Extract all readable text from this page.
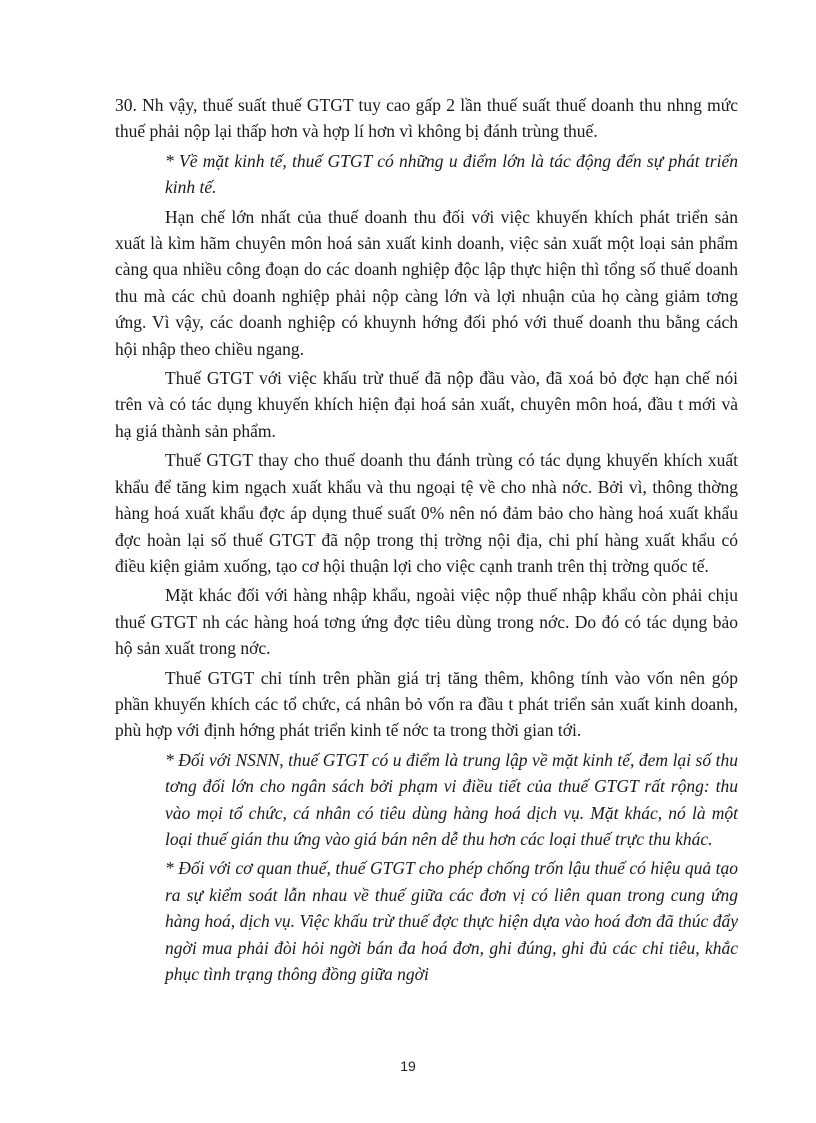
30. Nh vậy, thuế suất thuế GTGT tuy cao gấp 2 lần thuế suất thuế doanh thu nhng mức thuế phải nộp lại thấp hơn và hợp lí hơn vì không bị đánh trùng thuế.

* Về mặt kinh tế, thuế GTGT có những u điểm lớn là tác động đến sự phát triển kinh tế.

Hạn chế lớn nhất của thuế doanh thu đối với việc khuyến khích phát triển sản xuất là kìm hãm chuyên môn hoá sản xuất kinh doanh, việc sản xuất một loại sản phẩm càng qua nhiều công đoạn do các doanh nghiệp độc lập thực hiện thì tổng số thuế doanh thu mà các chủ doanh nghiệp phải nộp càng lớn và lợi nhuận của họ càng giảm tơng ứng. Vì vậy, các doanh nghiệp có khuynh hớng đối phó với thuế doanh thu bằng cách hội nhập theo chiều ngang.

Thuế GTGT với việc khấu trừ thuế đã nộp đầu vào, đã xoá bỏ đợc hạn chế nói trên và có tác dụng khuyến khích hiện đại hoá sản xuất, chuyên môn hoá, đầu t mới và hạ giá thành sản phẩm.

Thuế GTGT thay cho thuế doanh thu đánh trùng có tác dụng khuyến khích xuất khẩu để tăng kim ngạch xuất khẩu và thu ngoại tệ về cho nhà nớc. Bởi vì, thông thờng hàng hoá xuất khẩu đợc áp dụng thuế suất 0% nên nó đảm bảo cho hàng hoá xuất khẩu đợc hoàn lại số thuế GTGT đã nộp trong thị trờng nội địa, chi phí hàng xuất khẩu có điều kiện giảm xuống, tạo cơ hội thuận lợi cho việc cạnh tranh trên thị trờng quốc tế.

Mặt khác đối với hàng nhập khẩu, ngoài việc nộp thuế nhập khẩu còn phải chịu thuế GTGT nh các hàng hoá tơng ứng đợc tiêu dùng trong nớc. Do đó có tác dụng bảo hộ sản xuất trong nớc.

Thuế GTGT chỉ tính trên phần giá trị tăng thêm, không tính vào vốn nên góp phần khuyến khích các tổ chức, cá nhân bỏ vốn ra đầu t phát triển sản xuất kinh doanh, phù hợp với định hớng phát triển kinh tế nớc ta trong thời gian tới.

* Đối với NSNN, thuế GTGT có u điểm là trung lập về mặt kinh tế, đem lại số thu tơng đối lớn cho ngân sách bởi phạm vi điều tiết của thuế GTGT rất rộng: thu vào mọi tổ chức, cá nhân có tiêu dùng hàng hoá dịch vụ. Mặt khác, nó là một loại thuế gián thu ứng vào giá bán nên dễ thu hơn các loại thuế trực thu khác.

* Đối với cơ quan thuế, thuế GTGT cho phép chống trốn lậu thuế có hiệu quả tạo ra sự kiểm soát lẫn nhau về thuế giữa các đơn vị có liên quan trong cung ứng hàng hoá, dịch vụ. Việc khấu trừ thuế đợc thực hiện dựa vào hoá đơn đã thúc đẩy ngời mua phải đòi hỏi ngời bán đa hoá đơn, ghi đúng, ghi đủ các chỉ tiêu, khắc phục tình trạng thông đồng giữa ngời

19
